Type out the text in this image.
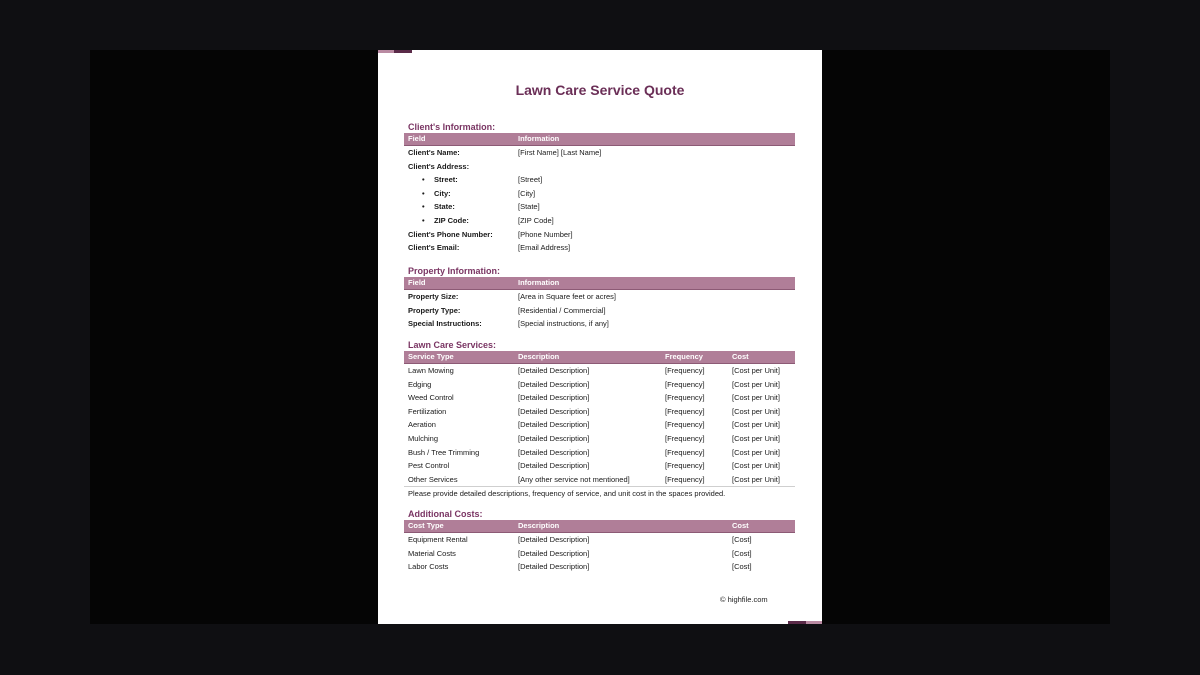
Lawn Care Service Quote
Client's Information:
Field	Information
Client's Name:	[First Name] [Last Name]
Client's Address:	
• Street:	[Street]
• City:	[City]
• State:	[State]
• ZIP Code:	[ZIP Code]
Client's Phone Number:	[Phone Number]
Client's Email:	[Email Address]
Property Information:
Field	Information
Property Size:	[Area in Square feet or acres]
Property Type:	[Residential / Commercial]
Special Instructions:	[Special instructions, if any]
Lawn Care Services:
Service Type	Description	Frequency	Cost
Lawn Mowing	[Detailed Description]	[Frequency]	[Cost per Unit]
Edging	[Detailed Description]	[Frequency]	[Cost per Unit]
Weed Control	[Detailed Description]	[Frequency]	[Cost per Unit]
Fertilization	[Detailed Description]	[Frequency]	[Cost per Unit]
Aeration	[Detailed Description]	[Frequency]	[Cost per Unit]
Mulching	[Detailed Description]	[Frequency]	[Cost per Unit]
Bush / Tree Trimming	[Detailed Description]	[Frequency]	[Cost per Unit]
Pest Control	[Detailed Description]	[Frequency]	[Cost per Unit]
Other Services	[Any other service not mentioned]	[Frequency]	[Cost per Unit]
Please provide detailed descriptions, frequency of service, and unit cost in the spaces provided.
Additional Costs:
Cost Type	Description	Cost
Equipment Rental	[Detailed Description]	[Cost]
Material Costs	[Detailed Description]	[Cost]
Labor Costs	[Detailed Description]	[Cost]
© highfile.com
